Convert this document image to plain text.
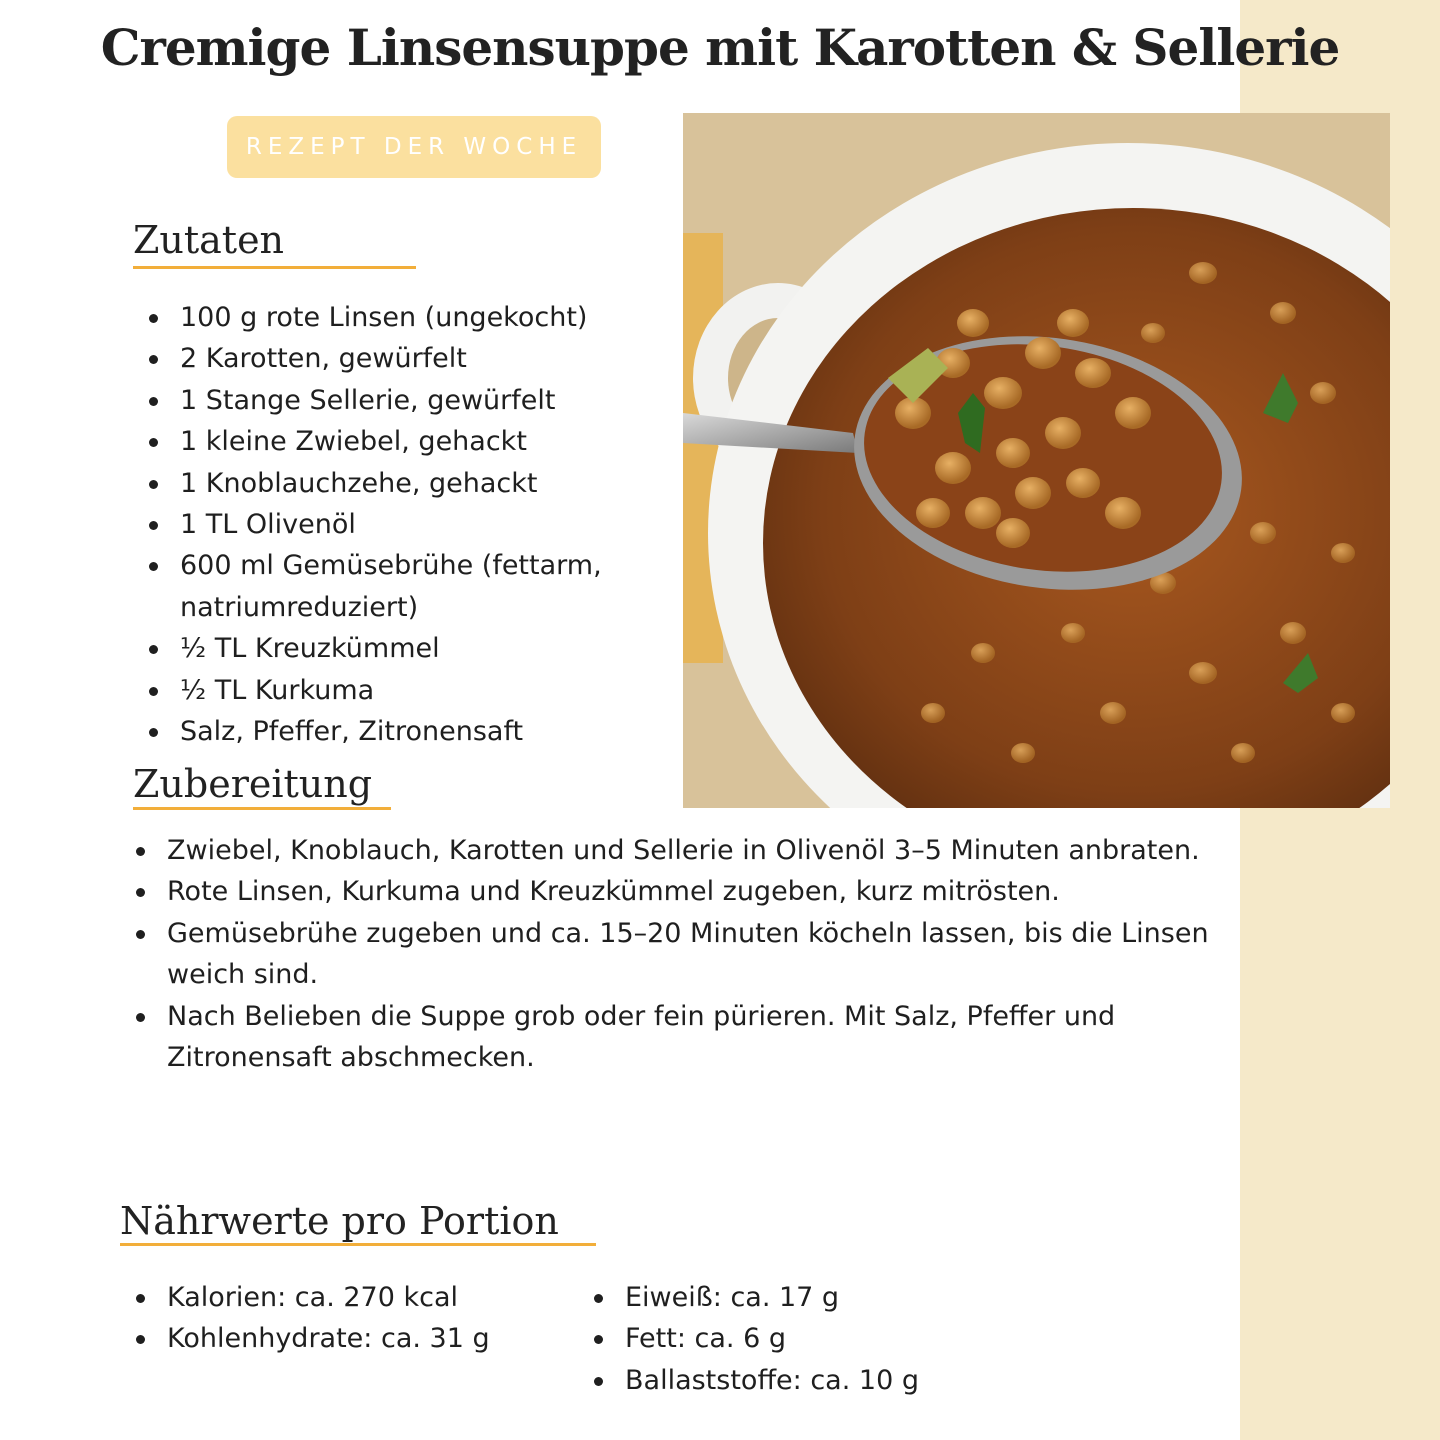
Cremige Linsensuppe mit Karotten & Sellerie
REZEPT DER WOCHE
Zutaten
100 g rote Linsen (ungekocht)
2 Karotten, gewürfelt
1 Stange Sellerie, gewürfelt
1 kleine Zwiebel, gehackt
1 Knoblauchzehe, gehackt
1 TL Olivenöl
600 ml Gemüsebrühe (fettarm, natriumreduziert)
½ TL Kreuzkümmel
½ TL Kurkuma
Salz, Pfeffer, Zitronensaft
Zubereitung
Zwiebel, Knoblauch, Karotten und Sellerie in Olivenöl 3–5 Minuten anbraten.
Rote Linsen, Kurkuma und Kreuzkümmel zugeben, kurz mitrösten.
Gemüsebrühe zugeben und ca. 15–20 Minuten köcheln lassen, bis die Linsen weich sind.
Nach Belieben die Suppe grob oder fein pürieren. Mit Salz, Pfeffer und Zitronensaft abschmecken.
Nährwerte pro Portion
Kalorien: ca. 270 kcal
Kohlenhydrate: ca. 31 g
Eiweiß: ca. 17 g
Fett: ca. 6 g
Ballaststoffe: ca. 10 g
